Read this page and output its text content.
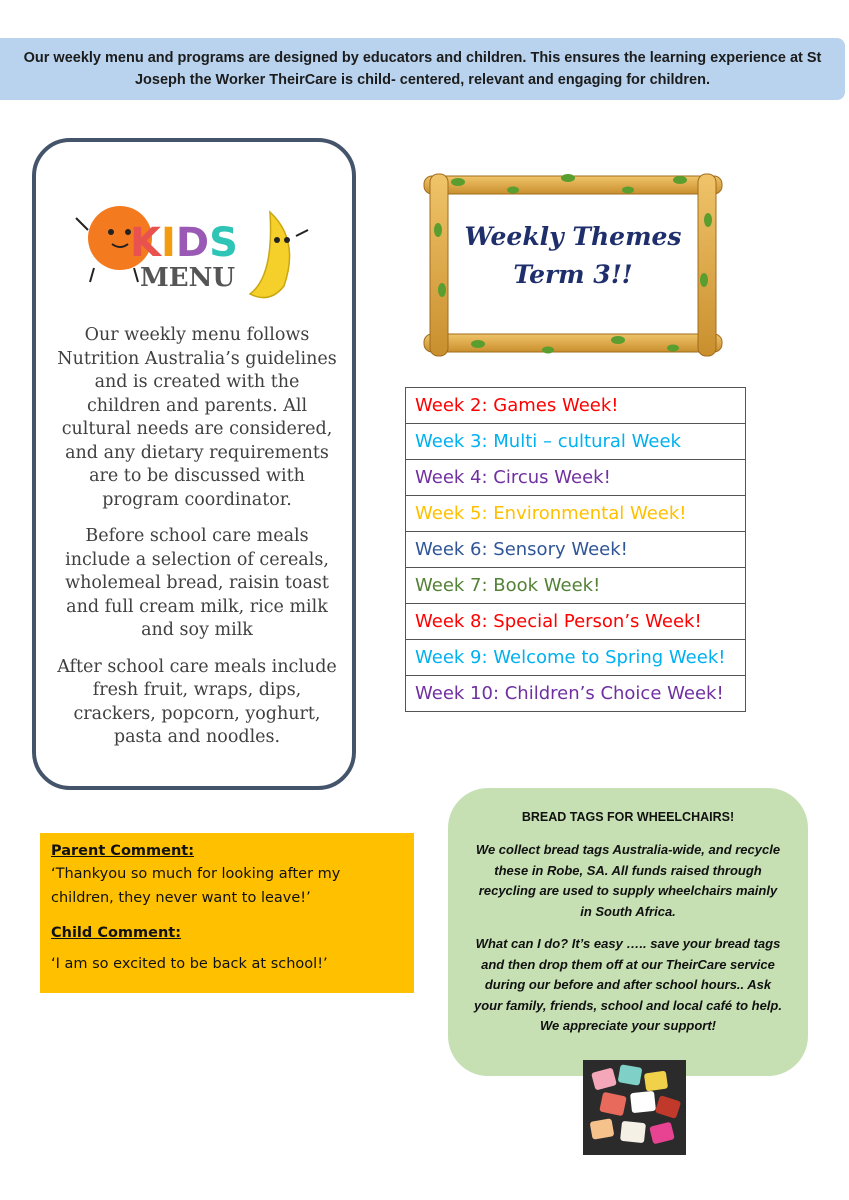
Our weekly menu and programs are designed by educators and children. This ensures the learning experience at St Joseph the Worker TheirCare is child- centered, relevant and engaging for children.
KIDS
MENU

Our weekly menu follows Nutrition Australia’s guidelines and is created with the children and parents. All cultural needs are considered, and any dietary requirements are to be discussed with program coordinator.

Before school care meals include a selection of cereals, wholemeal bread, raisin toast and full cream milk, rice milk and soy milk

After school care meals include fresh fruit, wraps, dips, crackers, popcorn, yoghurt, pasta and noodles.

Weekly Themes
Term 3!!
Week 2: Games Week!
Week 3: Multi – cultural Week
Week 4: Circus Week!
Week 5: Environmental Week!
Week 6: Sensory Week!
Week 7: Book Week!
Week 8: Special Person’s Week!
Week 9: Welcome to Spring Week!
Week 10: Children’s Choice Week!

Parent Comment:

‘Thankyou so much for looking after my children, they never want to leave!’

Child Comment:

‘I am so excited to be back at school!’

BREAD TAGS FOR WHEELCHAIRS!

We collect bread tags Australia-wide, and recycle these in Robe, SA. All funds raised through recycling are used to supply wheelchairs mainly in South Africa.

What can I do? It’s easy ….. save your bread tags and then drop them off at our TheirCare service during our before and after school hours.. Ask your family, friends, school and local café to help. We appreciate your support!
